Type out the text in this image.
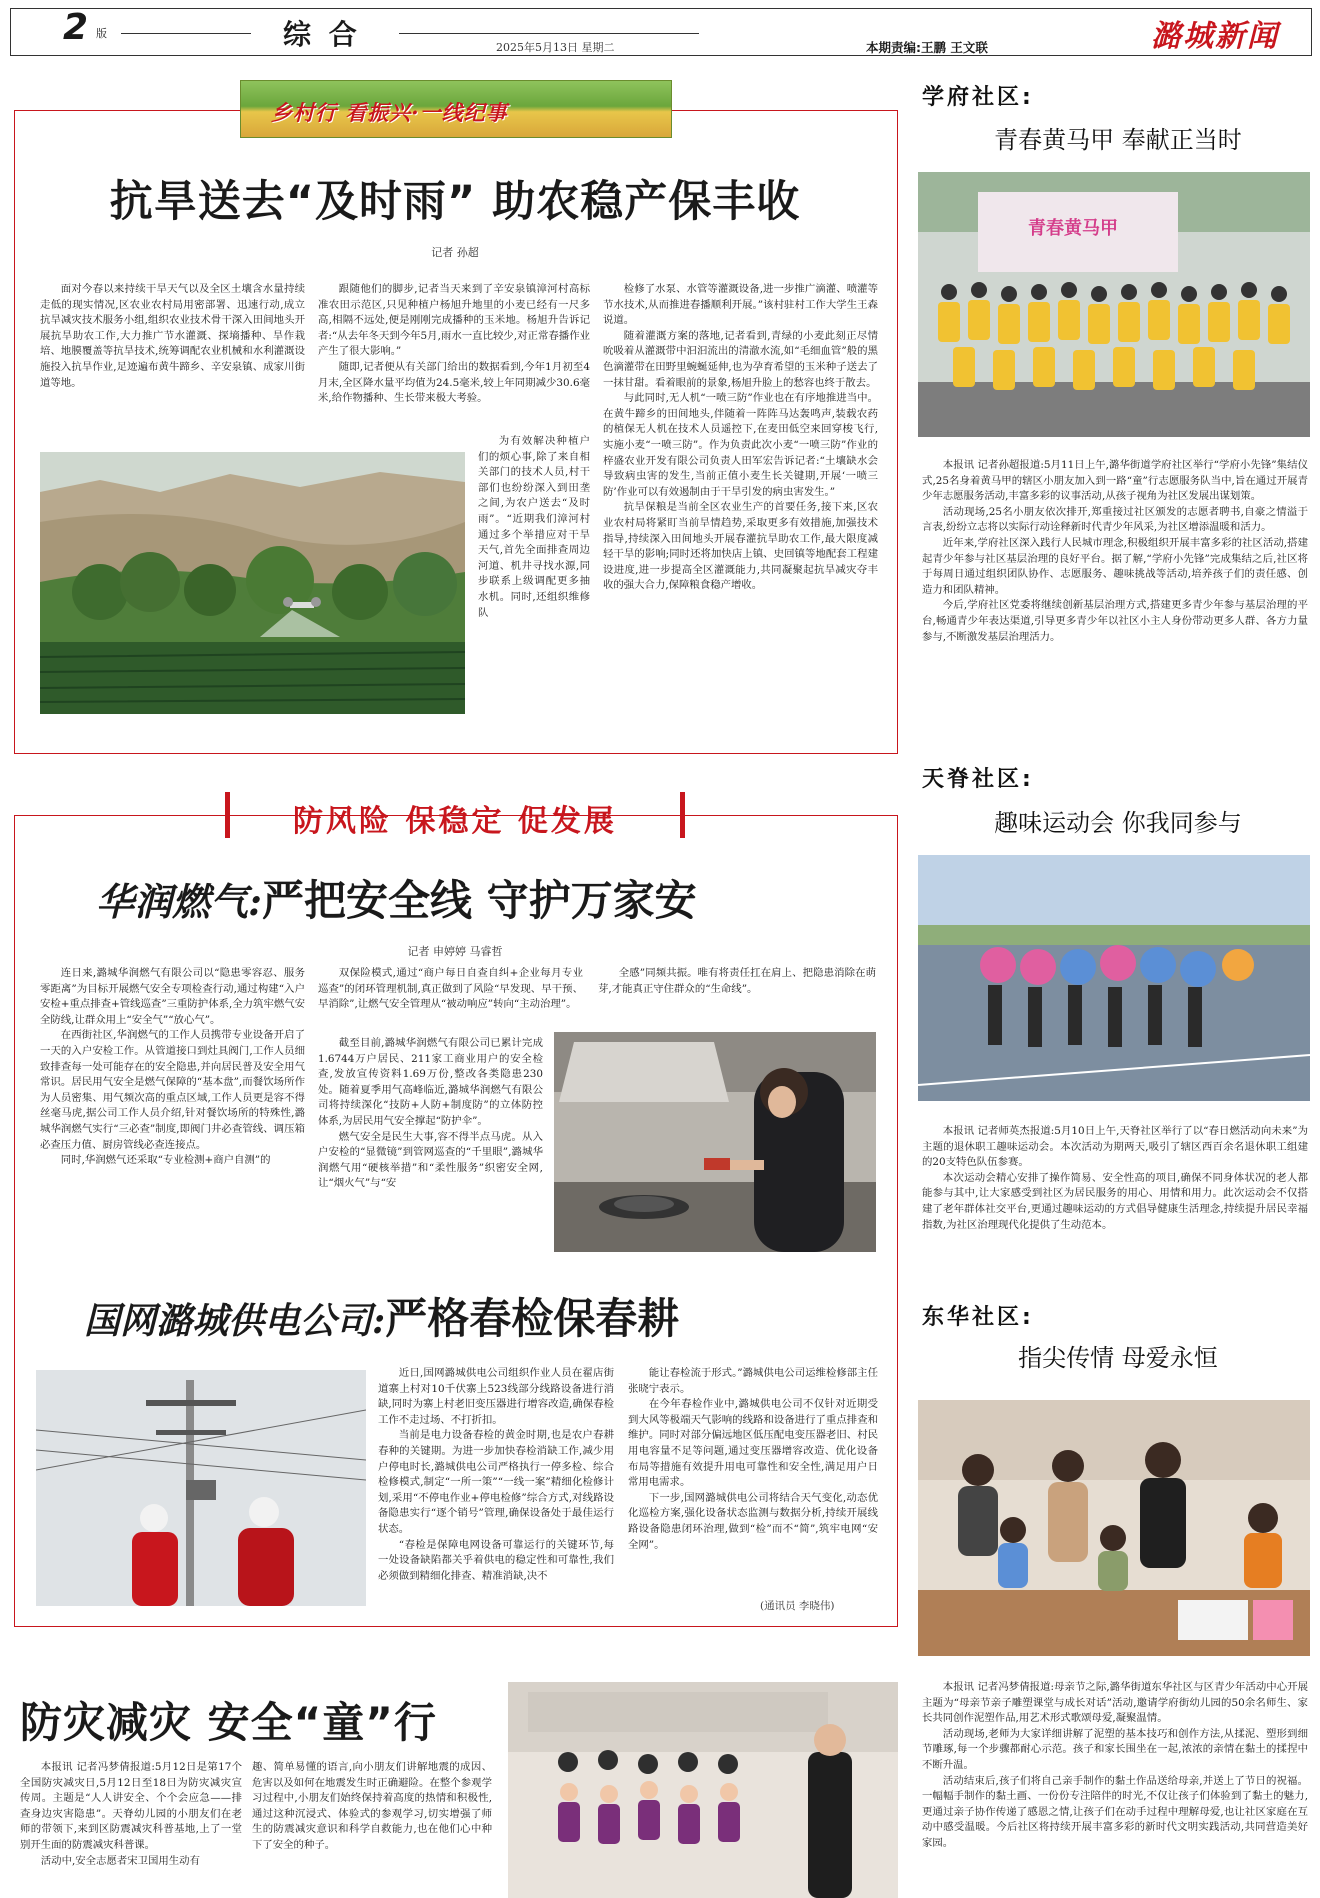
2 版	综 合	2025年5月13日 星期二	本期责编:王鹏 王文联	潞城新闻
乡村行 看振兴·一线纪事
抗旱送去“及时雨” 助农稳产保丰收
记者 孙超

面对今春以来持续干旱天气以及全区土壤含水量持续走低的现实情况,区农业农村局用密部署、迅速行动,成立抗旱减灾技术服务小组,组织农业技术骨干深入田间地头开展抗旱助农工作,大力推广节水灌溉、探墒播种、旱作栽培、地膜覆盖等抗旱技术,统筹调配农业机械和水利灌溉设施投入抗旱作业,足迹遍布黄牛蹄乡、辛安泉镇、成家川街道等地。

跟随他们的脚步,记者当天来到了辛安泉镇漳河村高标准农田示范区,只见种植户杨旭升地里的小麦已经有一尺多高,相隔不远处,便是刚刚完成播种的玉米地。杨旭升告诉记者:“从去年冬天到今年5月,雨水一直比较少,对正常春播作业产生了很大影响。”

随即,记者便从有关部门给出的数据看到,今年1月初至4月末,全区降水量平均值为24.5毫米,较上年同期减少30.6毫米,给作物播种、生长带来极大考验。

为有效解决种植户们的烦心事,除了来自相关部门的技术人员,村干部们也纷纷深入到田垄之间,为农户送去“及时雨”。“近期我们漳河村通过多个举措应对干旱天气,首先全面排查周边河道、机井寻找水源,同步联系上级调配更多抽水机。同时,还组织维修队

检修了水泵、水管等灌溉设备,进一步推广滴灌、喷灌等节水技术,从而推进春播顺利开展。”该村驻村工作大学生王森说道。

随着灌溉方案的落地,记者看到,青绿的小麦此刻正尽情吮吸着从灌溉带中汩汩流出的清澈水流,如“毛细血管”般的黑色滴灌带在田野里蜿蜒延伸,也为孕育希望的玉米种子送去了一抹甘甜。看着眼前的景象,杨旭升脸上的愁容也终于散去。

与此同时,无人机“一喷三防”作业也在有序地推进当中。在黄牛蹄乡的田间地头,伴随着一阵阵马达轰鸣声,装载农药的植保无人机在技术人员遥控下,在麦田低空来回穿梭飞行,实施小麦“一喷三防”。作为负责此次小麦“一喷三防”作业的梓盛农业开发有限公司负责人田军宏告诉记者:“土壤缺水会导致病虫害的发生,当前正值小麦生长关键期,开展‘一喷三防’作业可以有效遏制由于干旱引发的病虫害发生。”

抗旱保粮是当前全区农业生产的首要任务,接下来,区农业农村局将紧盯当前旱情趋势,采取更多有效措施,加强技术指导,持续深入田间地头开展春灌抗旱助农工作,最大限度减轻干旱的影响;同时还将加快店上镇、史回镇等地配套工程建设进度,进一步提高全区灌溉能力,共同凝聚起抗旱减灾夺丰收的强大合力,保障粮食稳产增收。

防风险 保稳定 促发展
华润燃气:严把安全线 守护万家安
记者 申婷婷 马睿哲

连日来,潞城华润燃气有限公司以“隐患零容忍、服务零距离”为目标开展燃气安全专项检查行动,通过构建“入户安检+重点排查+管线巡查”三重防护体系,全力筑牢燃气安全防线,让群众用上“安全气”“放心气”。

在西街社区,华润燃气的工作人员携带专业设备开启了一天的入户安检工作。从管道接口到灶具阀门,工作人员细致排查每一处可能存在的安全隐患,并向居民普及安全用气常识。居民用气安全是燃气保障的“基本盘”,而餐饮场所作为人员密集、用气频次高的重点区域,工作人员更是容不得丝毫马虎,据公司工作人员介绍,针对餐饮场所的特殊性,潞城华润燃气实行“三必查”制度,即阀门井必查管线、调压箱必查压力值、厨房管线必查连接点。

同时,华润燃气还采取“专业检测+商户自测”的

双保险模式,通过“商户每日自查自纠+企业每月专业巡查”的闭环管理机制,真正做到了风险“早发现、早干预、早消除”,让燃气安全管理从“被动响应”转向“主动治理”。

截至目前,潞城华润燃气有限公司已累计完成1.6744万户居民、211家工商业用户的安全检查,发放宣传资料1.69万份,整改各类隐患230处。随着夏季用气高峰临近,潞城华润燃气有限公司将持续深化“技防+人防+制度防”的立体防控体系,为居民用气安全撑起“防护伞”。

燃气安全是民生大事,容不得半点马虎。从入户安检的“显微镜”到管网巡查的“千里眼”,潞城华润燃气用“硬核举措”和“柔性服务”织密安全网,让“烟火气”与“安

全感”同频共振。唯有将责任扛在肩上、把隐患消除在萌芽,才能真正守住群众的“生命线”。

国网潞城供电公司:严格春检保春耕

近日,国网潞城供电公司组织作业人员在翟店街道寨上村对10千伏寨上523线部分线路设备进行消缺,同时为寨上村老旧变压器进行增容改造,确保春检工作不走过场、不打折扣。

当前是电力设备春检的黄金时期,也是农户春耕春种的关键期。为进一步加快春检消缺工作,减少用户停电时长,潞城供电公司严格执行一停多检、综合检修模式,制定“一所一策”“一线一案”精细化检修计划,采用“不停电作业+停电检修”综合方式,对线路设备隐患实行“逐个销号”管理,确保设备处于最佳运行状态。

“春检是保障电网设备可靠运行的关键环节,每一处设备缺陷都关乎着供电的稳定性和可靠性,我们必须做到精细化排查、精准消缺,决不

能让春检流于形式。”潞城供电公司运维检修部主任张晓宁表示。

在今年春检作业中,潞城供电公司不仅针对近期受到大风等极端天气影响的线路和设备进行了重点排查和维护。同时对部分偏远地区低压配电变压器老旧、村民用电容量不足等问题,通过变压器增容改造、优化设备布局等措施有效提升用电可靠性和安全性,满足用户日常用电需求。

下一步,国网潞城供电公司将结合天气变化,动态优化巡检方案,强化设备状态监测与数据分析,持续开展线路设备隐患闭环治理,做到“检”而不“简”,筑牢电网“安全网”。

(通讯员 李晓伟)
防灾减灾 安全“童”行

本报讯 记者冯梦倩报道:5月12日是第17个全国防灾减灾日,5月12日至18日为防灾减灾宣传周。主题是“人人讲安全、个个会应急——排查身边灾害隐患”。天脊幼儿园的小朋友们在老师的带领下,来到区防震减灾科普基地,上了一堂别开生面的防震减灾科普课。

活动中,安全志愿者宋卫国用生动有

趣、简单易懂的语言,向小朋友们讲解地震的成因、危害以及如何在地震发生时正确避险。在整个参观学习过程中,小朋友们始终保持着高度的热情和积极性,通过这种沉浸式、体验式的参观学习,切实增强了师生的防震减灾意识和科学自救能力,也在他们心中种下了安全的种子。

学府社区:
青春黄马甲 奉献正当时
青春黄马甲

本报讯 记者孙超报道:5月11日上午,潞华街道学府社区举行“学府小先锋”集结仪式,25名身着黄马甲的辖区小朋友加入到一路“童”行志愿服务队当中,旨在通过开展青少年志愿服务活动,丰富多彩的议事活动,从孩子视角为社区发展出谋划策。

活动现场,25名小朋友依次排开,郑重接过社区颁发的志愿者聘书,自豪之情溢于言表,纷纷立志将以实际行动诠释新时代青少年风采,为社区增添温暖和活力。

近年来,学府社区深入践行人民城市理念,积极组织开展丰富多彩的社区活动,搭建起青少年参与社区基层治理的良好平台。据了解,“学府小先锋”完成集结之后,社区将于每周日通过组织团队协作、志愿服务、趣味挑战等活动,培养孩子们的责任感、创造力和团队精神。

今后,学府社区党委将继续创新基层治理方式,搭建更多青少年参与基层治理的平台,畅通青少年表达渠道,引导更多青少年以社区小主人身份带动更多人群、各方力量参与,不断激发基层治理活力。

天脊社区:
趣味运动会 你我同参与

本报讯 记者师英杰报道:5月10日上午,天脊社区举行了以“春日燃活动向未来”为主题的退休职工趣味运动会。本次活动为期两天,吸引了辖区西百余名退休职工组建的20支特色队伍参赛。

本次运动会精心安排了操作简易、安全性高的项目,确保不同身体状况的老人都能参与其中,让大家感受到社区为居民服务的用心、用情和用力。此次运动会不仅搭建了老年群体社交平台,更通过趣味运动的方式倡导健康生活理念,持续提升居民幸福指数,为社区治理现代化提供了生动范本。

东华社区:
指尖传情 母爱永恒

本报讯 记者冯梦倩报道:母亲节之际,潞华街道东华社区与区青少年活动中心开展主题为“母亲节亲子雕塑课堂与成长对话”活动,邀请学府街幼儿园的50余名师生、家长共同创作泥塑作品,用艺术形式歌颂母爱,凝聚温情。

活动现场,老师为大家详细讲解了泥塑的基本技巧和创作方法,从揉泥、塑形到细节雕琢,每一个步骤都耐心示范。孩子和家长围坐在一起,浓浓的亲情在黏土的揉捏中不断升温。

活动结束后,孩子们将自己亲手制作的黏土作品送给母亲,并送上了节日的祝福。一幅幅手制作的黏土画、一份份专注陪伴的时光,不仅让孩子们体验到了黏土的魅力,更通过亲子协作传递了感恩之情,让孩子们在动手过程中理解母爱,也让社区家庭在互动中感受温暖。今后社区将持续开展丰富多彩的新时代文明实践活动,共同营造美好家园。
